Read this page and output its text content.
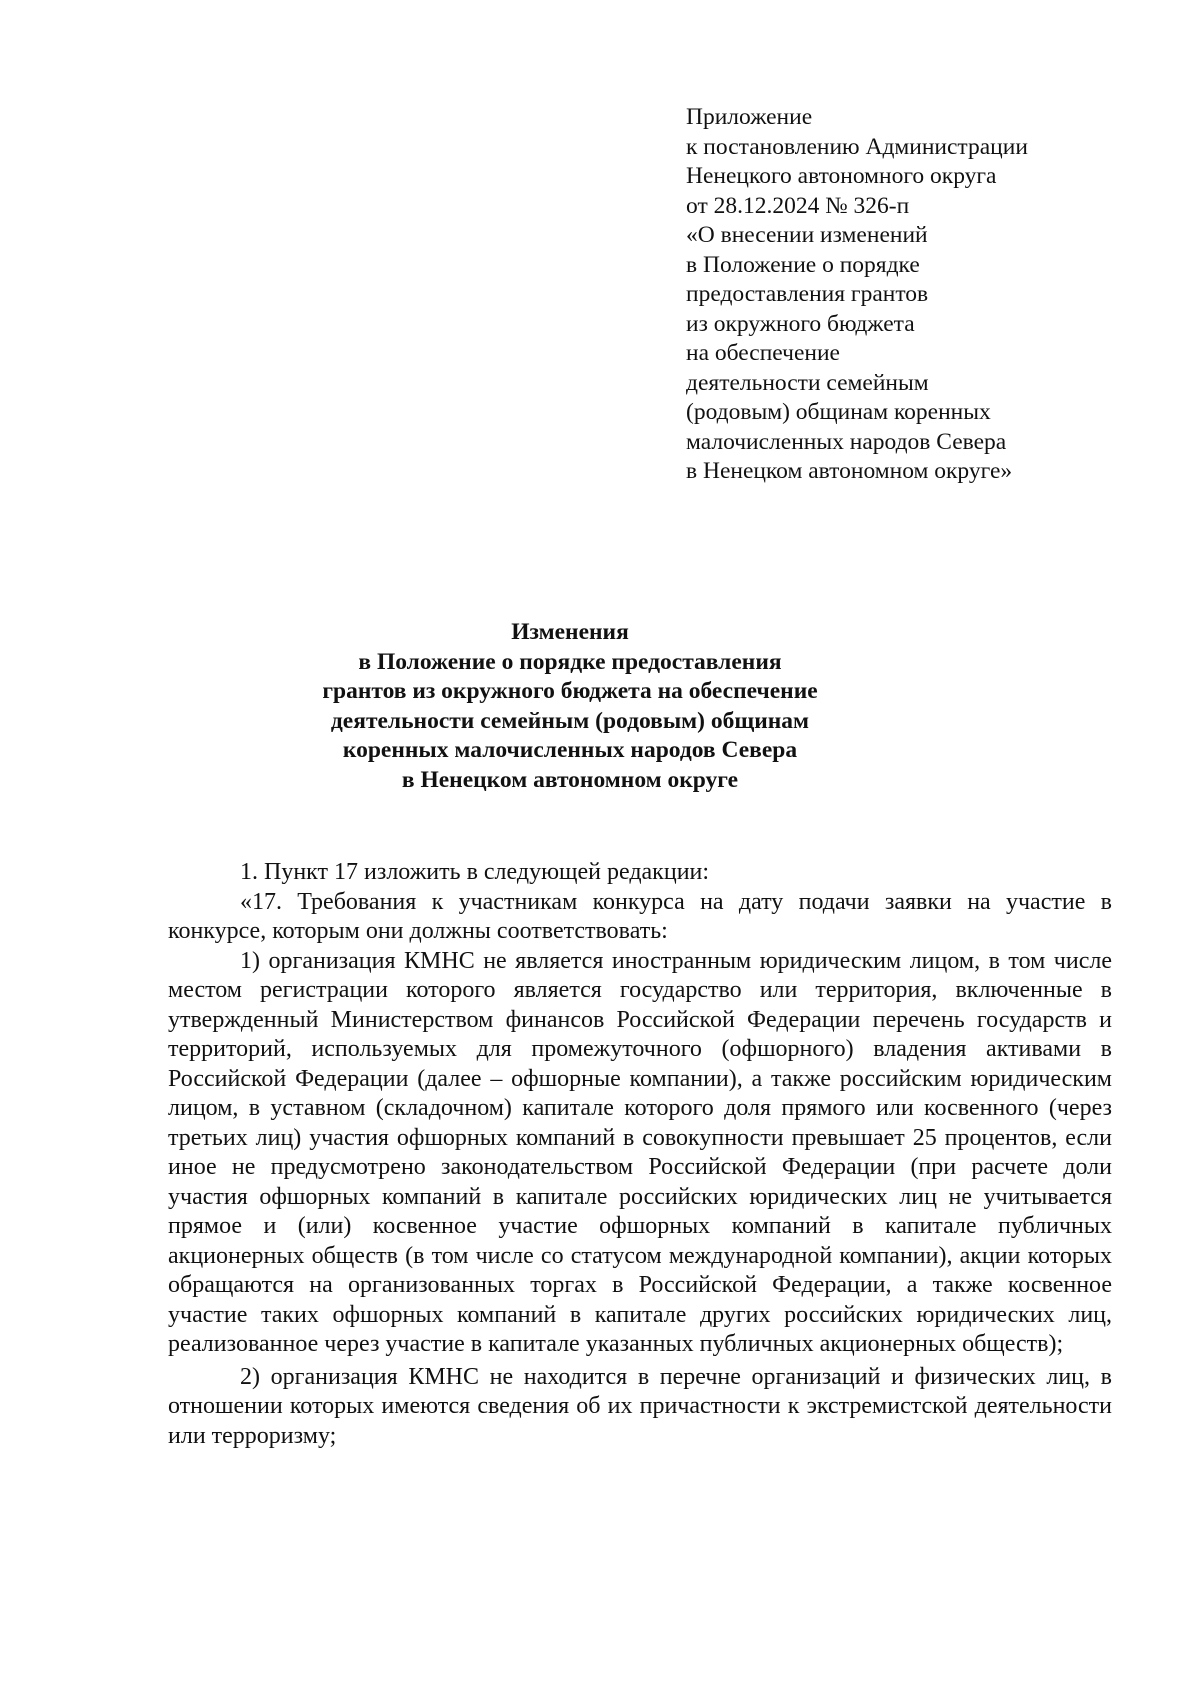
Приложение
к постановлению Администрации
Ненецкого автономного округа
от 28.12.2024 № 326-п
«О внесении изменений
в Положение о порядке
предоставления грантов
из окружного бюджета
на обеспечение
деятельности семейным
(родовым) общинам коренных
малочисленных народов Севера
в Ненецком автономном округе»
Изменения
в Положение о порядке предоставления
грантов из окружного бюджета на обеспечение
деятельности семейным (родовым) общинам
коренных малочисленных народов Севера
в Ненецком автономном округе

1. Пункт 17 изложить в следующей редакции:

«17. Требования к участникам конкурса на дату подачи заявки на участие в конкурсе, которым они должны соответствовать:

1) организация КМНС не является иностранным юридическим лицом, в том числе местом регистрации которого является государство или территория, включенные в утвержденный Министерством финансов Российской Федерации перечень государств и территорий, используемых для промежуточного (офшорного) владения активами в Российской Федерации (далее – офшорные компании), а также российским юридическим лицом, в уставном (складочном) капитале которого доля прямого или косвенного (через третьих лиц) участия офшорных компаний в совокупности превышает 25 процентов, если иное не предусмотрено законодательством Российской Федерации (при расчете доли участия офшорных компаний в капитале российских юридических лиц не учитывается прямое и (или) косвенное участие офшорных компаний в капитале публичных акционерных обществ (в том числе со статусом международной компании), акции которых обращаются на организованных торгах в Российской Федерации, а также косвенное участие таких офшорных компаний в капитале других российских юридических лиц, реализованное через участие в капитале указанных публичных акционерных обществ);

2) организация КМНС не находится в перечне организаций и физических лиц, в отношении которых имеются сведения об их причастности к экстремистской деятельности или терроризму;
